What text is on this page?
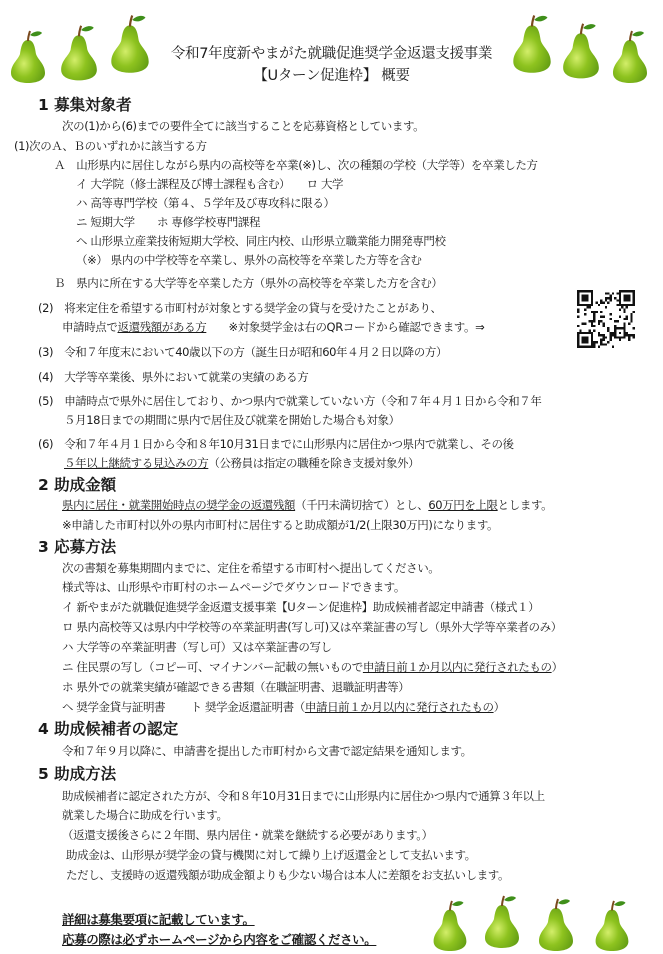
令和7年度新やまがた就職促進奨学金返還支援事業
【Uターン促進枠】 概要
1 募集対象者
次の(1)から(6)までの要件全てに該当することを応募資格としています。
(1)次のＡ、Ｂのいずれかに該当する方
Ａ　山形県内に居住しながら県内の高校等を卒業(※)し、次の種類の学校（大学等）を卒業した方
イ 大学院（修士課程及び博士課程も含む）　　ロ 大学
ハ 高等専門学校（第４、５学年及び専攻科に限る）
ニ 短期大学　　ホ 専修学校専門課程
ヘ 山形県立産業技術短期大学校、同庄内校、山形県立職業能力開発専門校
（※） 県内の中学校等を卒業し、県外の高校等を卒業した方等を含む
Ｂ　県内に所在する大学等を卒業した方（県外の高校等を卒業した方を含む）
(2)　将来定住を希望する市町村が対象とする奨学金の貸与を受けたことがあり、
申請時点で返還残額がある方　　※対象奨学金は右のQRコードから確認できます。⇒
(3)　令和７年度末において40歳以下の方（誕生日が昭和60年４月２日以降の方）
(4)　大学等卒業後、県外において就業の実績のある方
(5)　申請時点で県外に居住しており、かつ県内で就業していない方（令和７年４月１日から令和７年
５月18日までの期間に県内で居住及び就業を開始した場合も対象）
(6)　令和７年４月１日から令和８年10月31日までに山形県内に居住かつ県内で就業し、その後
５年以上継続する見込みの方（公務員は指定の職種を除き支援対象外）
2 助成金額
県内に居住・就業開始時点の奨学金の返還残額（千円未満切捨て）とし、60万円を上限とします。
※申請した市町村以外の県内市町村に居住すると助成額が1/2(上限30万円)になります。
3 応募方法
次の書類を募集期間内までに、定住を希望する市町村へ提出してください。
様式等は、山形県や市町村のホームページでダウンロードできます。
イ 新やまがた就職促進奨学金返還支援事業【Uターン促進枠】助成候補者認定申請書（様式１）
ロ 県内高校等又は県内中学校等の卒業証明書(写し可)又は卒業証書の写し（県外大学等卒業者のみ）
ハ 大学等の卒業証明書（写し可）又は卒業証書の写し
ニ 住民票の写し（コピー可、マイナンバー記載の無いもので申請日前１か月以内に発行されたもの）
ホ 県外での就業実績が確認できる書類（在職証明書、退職証明書等）
ヘ 奨学金貸与証明書　　 ト 奨学金返還証明書（申請日前１か月以内に発行されたもの）
4 助成候補者の認定
令和７年９月以降に、申請書を提出した市町村から文書で認定結果を通知します。
5 助成方法
助成候補者に認定された方が、令和８年10月31日までに山形県内に居住かつ県内で通算３年以上
就業した場合に助成を行います。
（返還支援後さらに２年間、県内居住・就業を継続する必要があります。）
助成金は、山形県が奨学金の貸与機関に対して繰り上げ返還金として支払います。
ただし、支援時の返還残額が助成金額よりも少ない場合は本人に差額をお支払いします。
詳細は募集要項に記載しています。
応募の際は必ずホームページから内容をご確認ください。
